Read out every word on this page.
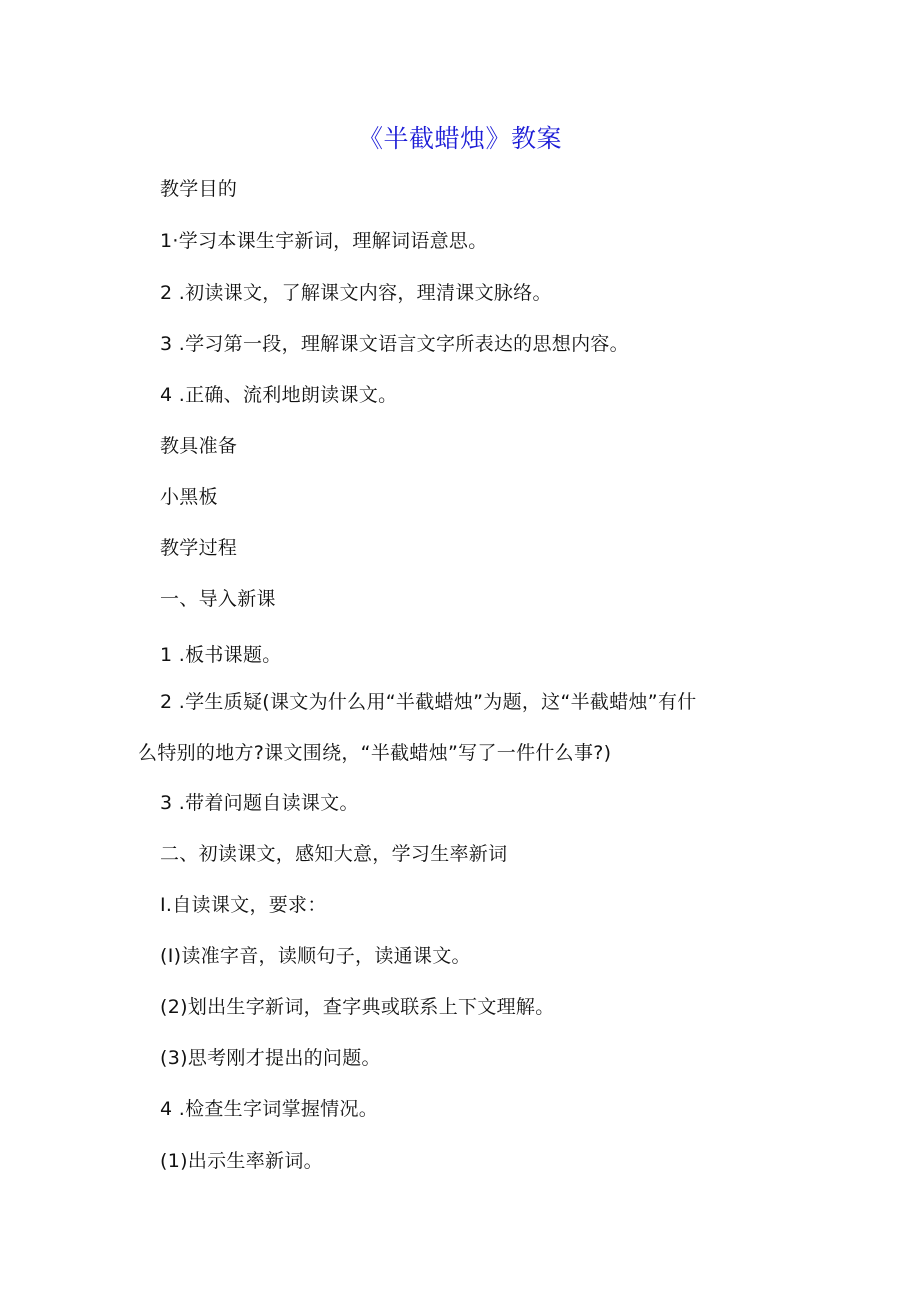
《半截蜡烛》教案
教学目的
1·学习本课生宇新词，理解词语意思。
2 .初读课文，了解课文内容，理清课文脉络。
3 .学习第一段，理解课文语言文字所表达的思想内容。
4 .正确、流利地朗读课文。
教具准备
小黑板
教学过程
一、导入新课
1 .板书课题。
2 .学生质疑(课文为什么用“半截蜡烛”为题，这“半截蜡烛”有什
么特别的地方?课文围绕，“半截蜡烛”写了一件什么事?)
3 .带着问题自读课文。
二、初读课文，感知大意，学习生率新词
I.自读课文，要求：
(I)读准字音，读顺句子，读通课文。
(2)划出生字新词，查字典或联系上下文理解。
(3)思考刚才提出的问题。
4 .检查生字词掌握情况。
(1)出示生率新词。
